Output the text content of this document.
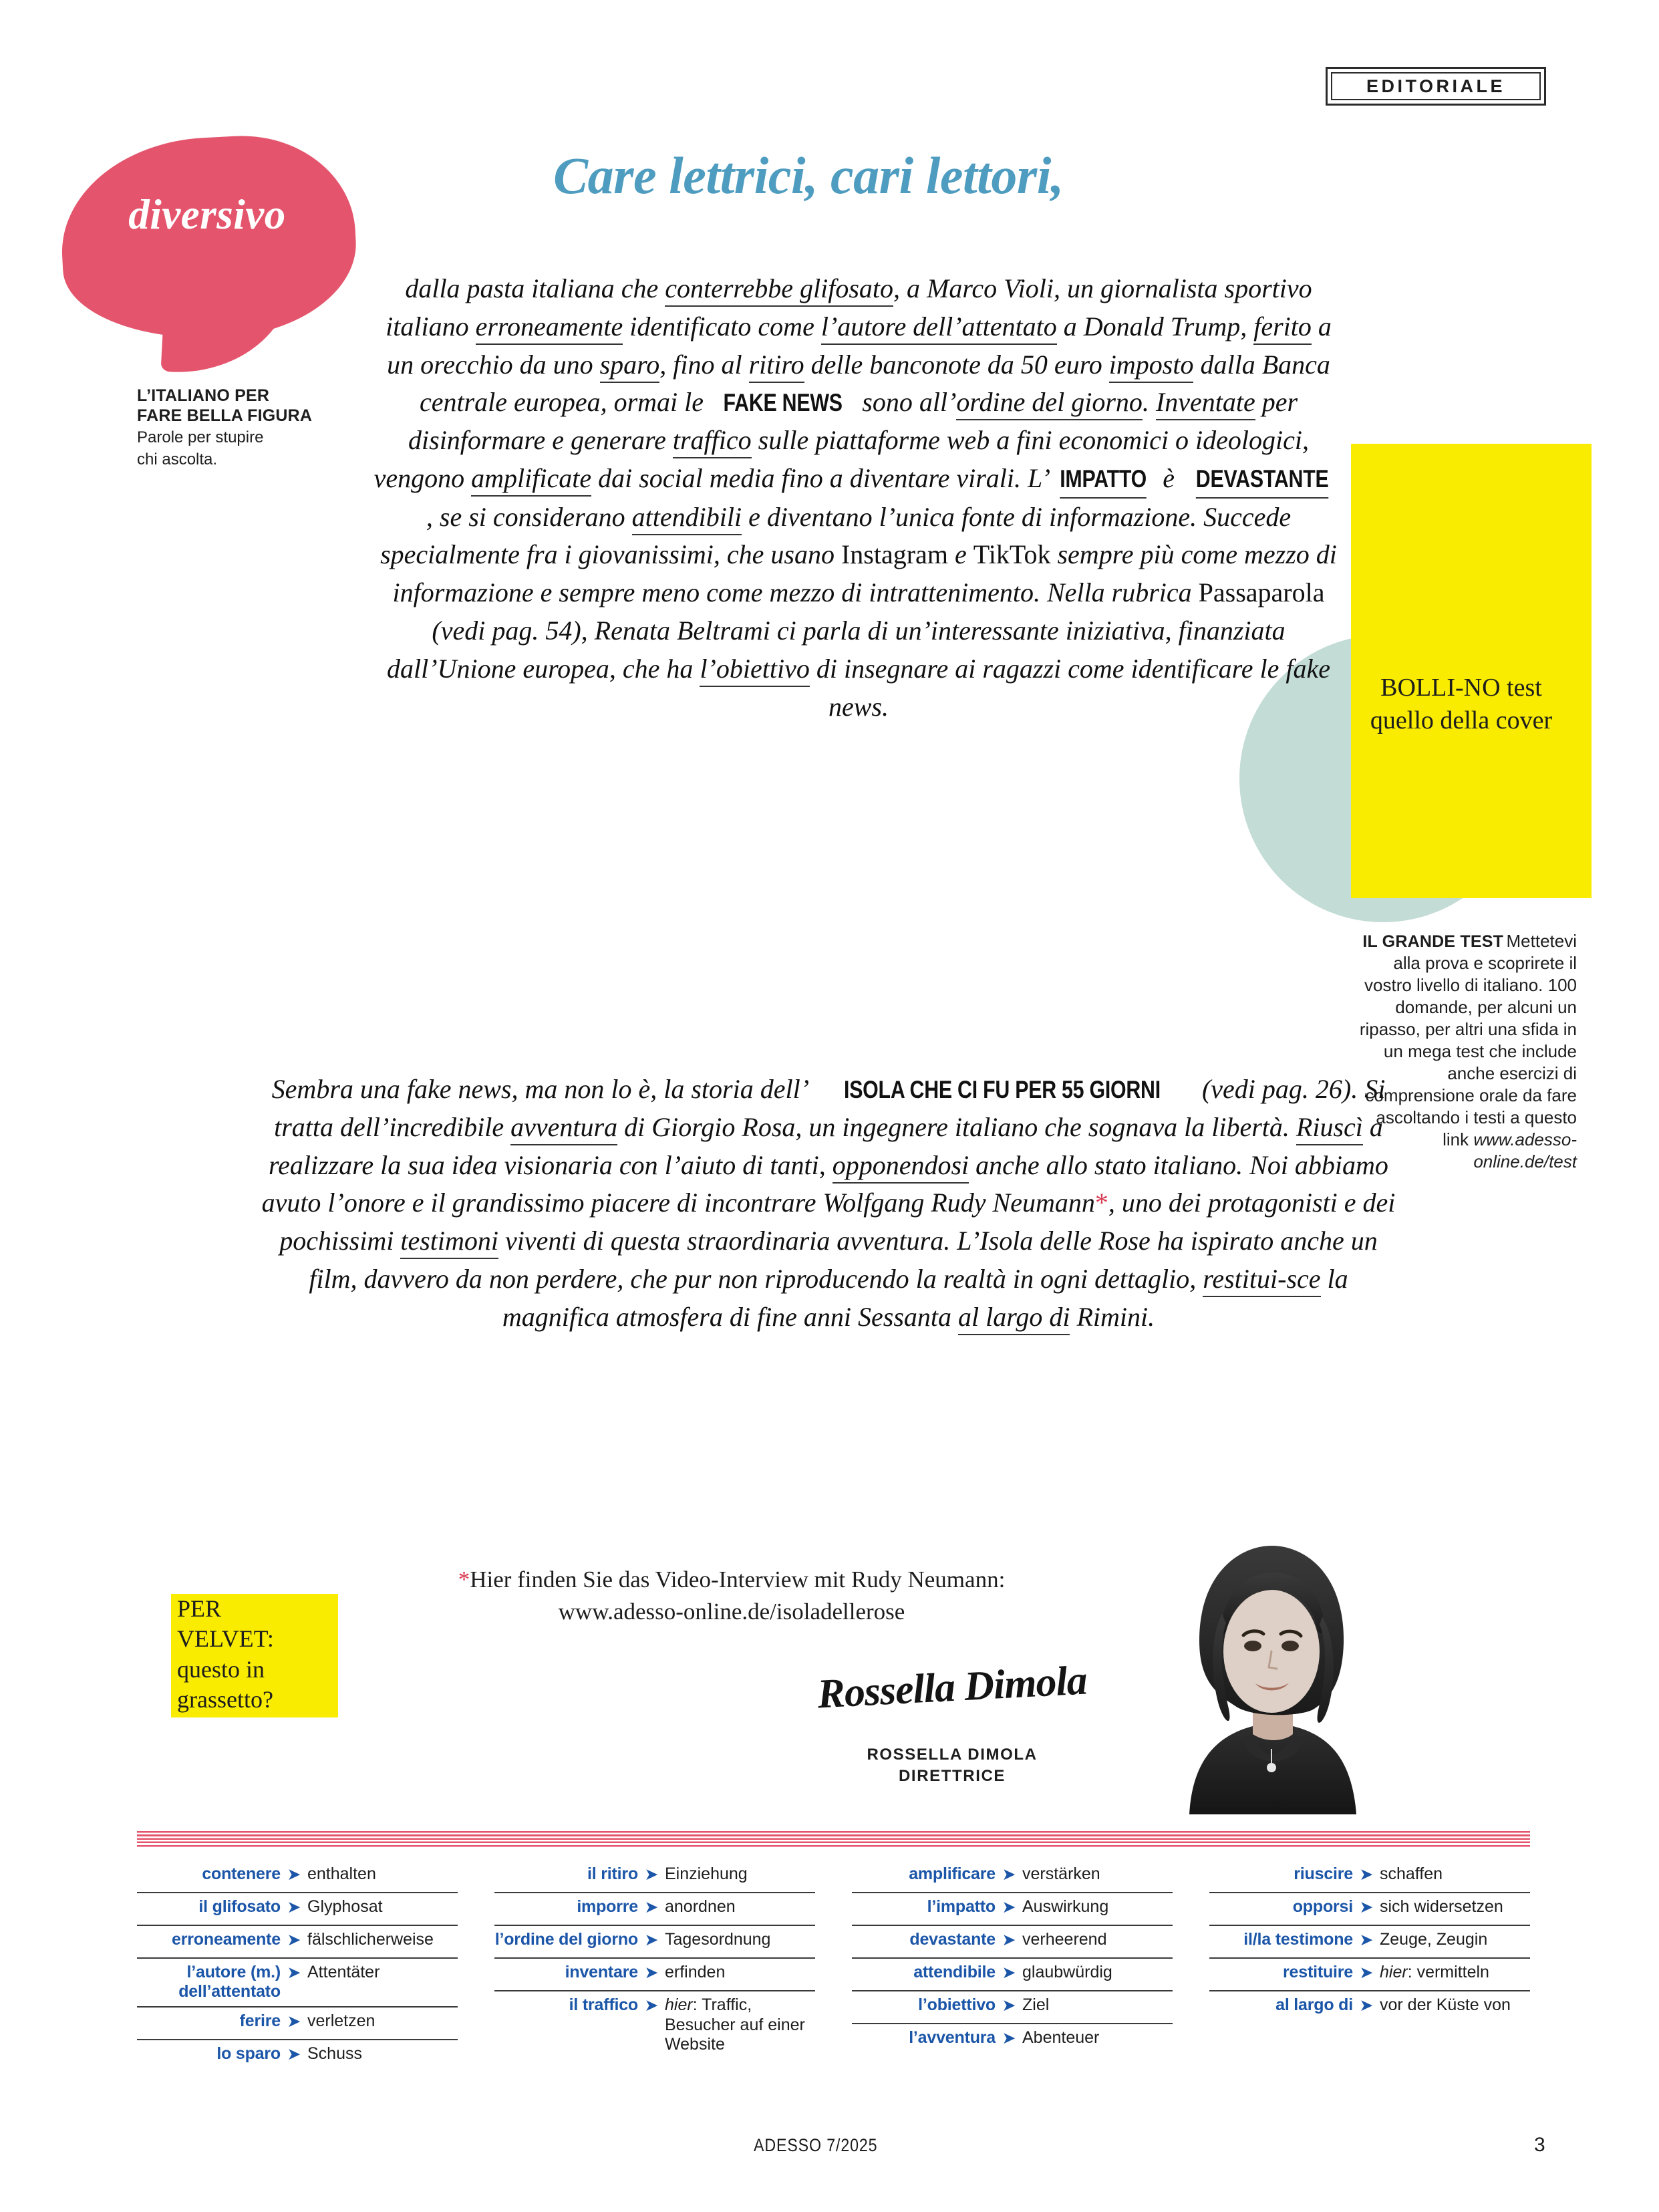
EDITORIALE
diversivo
L’ITALIANO PER
FARE BELLA FIGURA
Parole per stupire
chi ascolta.
Care lettrici, cari lettori,
BOLLI-NO test quello della cover
IL GRANDE TEST Mettetevi alla prova e scoprirete il vostro livello di italiano. 100 domande, per alcuni un ripasso, per altri una sfida in un mega test che include anche esercizi di comprensione orale da fare ascoltando i testi a questo link www.adesso-online.de/test
dalla pasta italiana che conterrebbe glifosato, a Marco Violi, un giornalista sportivo italiano erroneamente identificato come l’autore dell’attentato a Donald Trump, ferito a un orecchio da uno sparo, fino al ritiro delle banconote da 50 euro imposto dalla Banca centrale europea, ormai le FAKE NEWS sono all’ordine del giorno. Inventate per disinformare e generare traffico sulle piattaforme web a fini economici o ideologici, vengono amplificate dai social media fino a diventare virali. L’ IMPATTO è DEVASTANTE, se si considerano attendibili e diventano l’unica fonte di informazione. Succede specialmente fra i giovanissimi, che usano Instagram e TikTok sempre più come mezzo di informazione e sempre meno come mezzo di intrattenimento. Nella rubrica Passaparola (vedi pag. 54), Renata Beltrami ci parla di un’interessante iniziativa, finanziata dall’Unione europea, che ha l’obiettivo di insegnare ai ragazzi come identificare le fake news.
Sembra una fake news, ma non lo è, la storia dell’ ISOLA CHE CI FU PER 55 GIORNI (vedi pag. 26). Si tratta dell’incredibile avventura di Giorgio Rosa, un ingegnere italiano che sognava la libertà. Riuscì a realizzare la sua idea visionaria con l’aiuto di tanti, opponendosi anche allo stato italiano. Noi abbiamo avuto l’onore e il grandissimo piacere di incontrare Wolfgang Rudy Neumann*, uno dei protagonisti e dei pochissimi testimoni viventi di questa straordinaria avventura. L’Isola delle Rose ha ispirato anche un film, davvero da non perdere, che pur non riproducendo la realtà in ogni dettaglio, restitui-sce la magnifica atmosfera di fine anni Sessanta al largo di Rimini.
PER
VELVET:
questo in
grassetto?
*Hier finden Sie das Video-Interview mit Rudy Neumann:
www.adesso-online.de/isoladellerose
Rossella Dimola
ROSSELLA DIMOLA
DIRETTRICE
contenere ➤ enthalten
il glifosato ➤ Glyphosat
erroneamente ➤ fälschlicherweise
l’autore (m.) dell’attentato
➤ Attentäter
ferire ➤ verletzen
lo sparo ➤ Schuss
il ritiro ➤ Einziehung
imporre ➤ anordnen
l’ordine del giorno ➤ Tagesordnung
inventare ➤ erfinden
il traffico ➤ hier: Traffic, Besucher auf einer Website
amplificare ➤ verstärken
l’impatto ➤ Auswirkung
devastante ➤ verheerend
attendibile ➤ glaubwürdig
l’obiettivo ➤ Ziel
l’avventura ➤ Abenteuer
riuscire ➤ schaffen
opporsi ➤ sich widersetzen
il/la testimone ➤ Zeuge, Zeugin
restituire ➤ hier: vermitteln
al largo di ➤ vor der Küste von
ADESSO 7/2025	3
